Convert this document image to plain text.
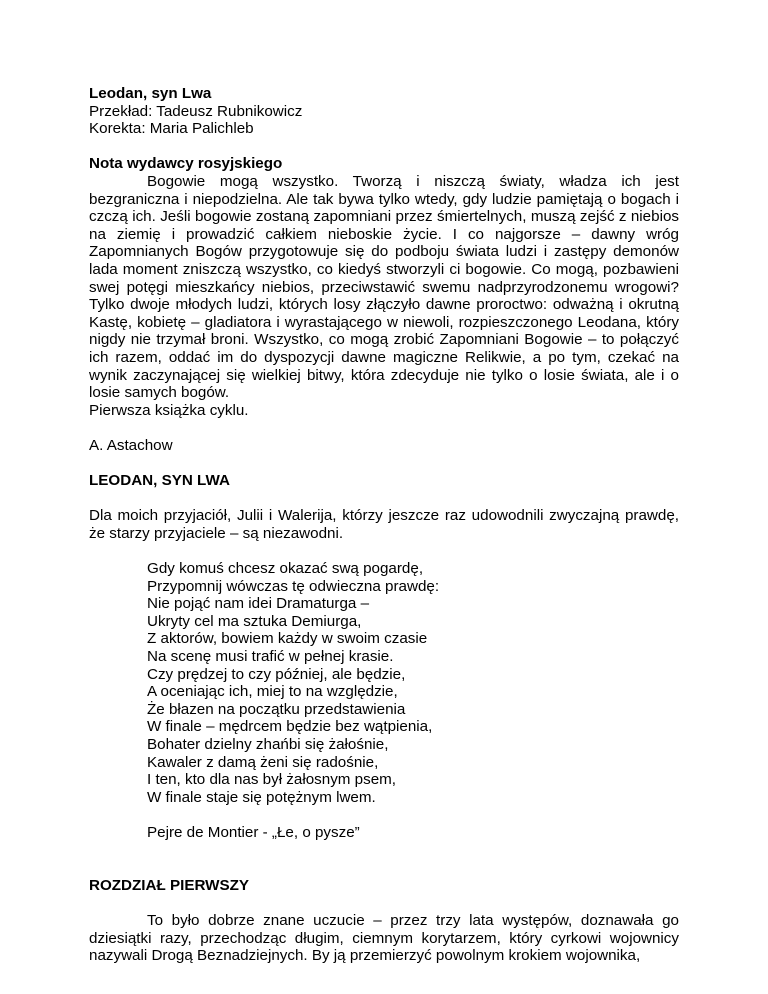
Leodan, syn Lwa
Przekład: Tadeusz Rubnikowicz
Korekta: Maria Palichleb
Nota wydawcy rosyjskiego

Bogowie mogą wszystko. Tworzą i niszczą światy, władza ich jest bezgraniczna i niepodzielna. Ale tak bywa tylko wtedy, gdy ludzie pamiętają o bogach i czczą ich. Jeśli bogowie zostaną zapomniani przez śmiertelnych, muszą zejść z niebios na ziemię i prowadzić całkiem nieboskie życie. I co najgorsze – dawny wróg Zapomnianych Bogów przygotowuje się do podboju świata ludzi i zastępy demonów lada moment zniszczą wszystko, co kiedyś stworzyli ci bogowie. Co mogą, pozbawieni swej potęgi mieszkańcy niebios, przeciwstawić swemu nadprzyrodzonemu wrogowi? Tylko dwoje młodych ludzi, których losy złączyło dawne proroctwo: odważną i okrutną Kastę, kobietę – gladiatora i wyrastającego w niewoli, rozpieszczonego Leodana, który nigdy nie trzymał broni. Wszystko, co mogą zrobić Zapomniani Bogowie – to połączyć ich razem, oddać im do dyspozycji dawne magiczne Relikwie, a po tym, czekać na wynik zaczynającej się wielkiej bitwy, która zdecyduje nie tylko o losie świata, ale i o losie samych bogów.

Pierwsza książka cyklu.
A. Astachow
LEODAN, SYN LWA

Dla moich przyjaciół, Julii i Walerija, którzy jeszcze raz udowodnili zwyczajną prawdę, że starzy przyjaciele – są niezawodni.

Gdy komuś chcesz okazać swą pogardę,
Przypomnij wówczas tę odwieczna prawdę:
Nie pojąć nam idei Dramaturga –
Ukryty cel ma sztuka Demiurga,
Z aktorów, bowiem każdy w swoim czasie
Na scenę musi trafić w pełnej krasie.
Czy prędzej to czy później, ale będzie,
A oceniając ich, miej to na względzie,
Że błazen na początku przedstawienia
W finale – mędrcem będzie bez wątpienia,
Bohater dzielny zhańbi się żałośnie,
Kawaler z damą żeni się radośnie,
I ten, kto dla nas był żałosnym psem,
W finale staje się potężnym lwem.
Pejre de Montier - „Łe, o pysze”
ROZDZIAŁ PIERWSZY

To było dobrze znane uczucie – przez trzy lata występów, doznawała go dziesiątki razy, przechodząc długim, ciemnym korytarzem, który cyrkowi wojownicy nazywali Drogą Beznadziejnych. By ją przemierzyć powolnym krokiem wojownika,
